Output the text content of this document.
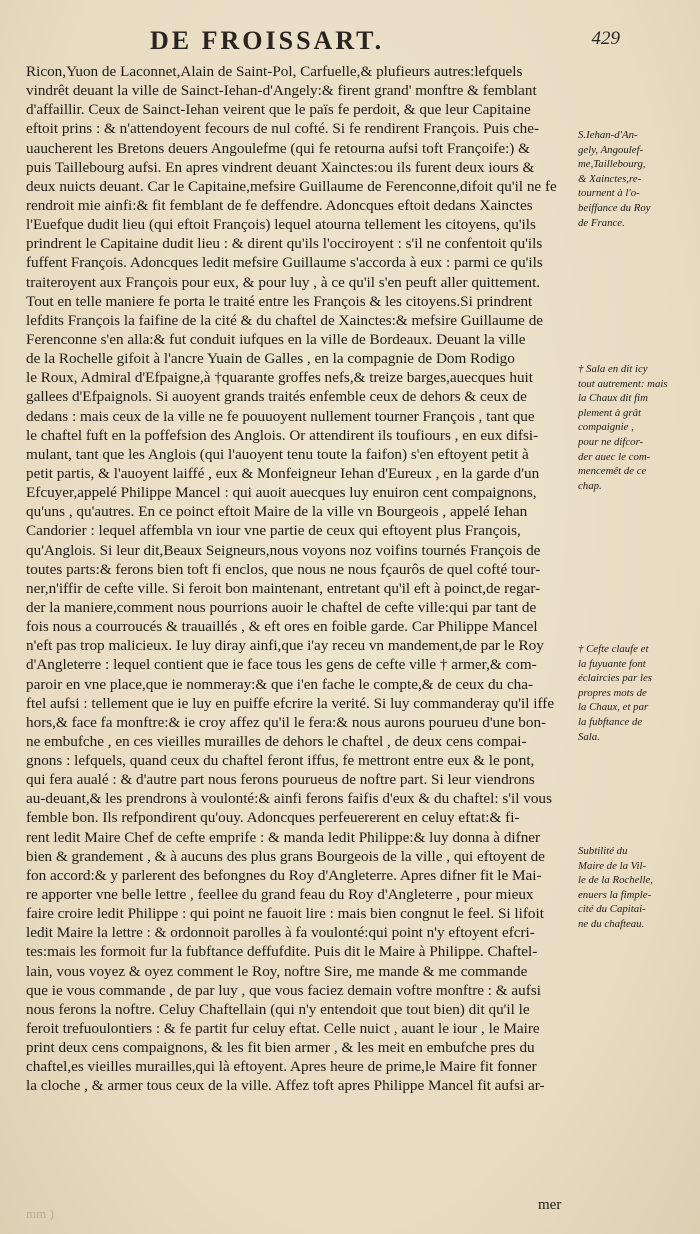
DE FROISSART.	429
Ricon,Yuon de Laconnet,Alain de Saint-Pol, Carfuelle,& plufieurs autres:lefquels
vindrêt deuant la ville de Sainct-Iehan-d'Angely:& firent grand' monftre & femblant
d'affaillir. Ceux de Sainct-Iehan veirent que le païs fe perdoit, & que leur Capitaine
eftoit prins : & n'attendoyent fecours de nul cofté. Si fe rendirent François. Puis che-
uaucherent les Bretons deuers Angoulefme (qui fe retourna aufsi toft Françoife:) &
puis Taillebourg aufsi. En apres vindrent deuant Xainctes:ou ils furent deux iours &
deux nuicts deuant. Car le Capitaine,mefsire Guillaume de Ferenconne,difoit qu'il ne fe
rendroit mie ainfi:& fit femblant de fe deffendre. Adoncques eftoit dedans Xainctes
l'Euefque dudit lieu (qui eftoit François) lequel atourna tellement les citoyens, qu'ils
prindrent le Capitaine dudit lieu : & dirent qu'ils l'occiroyent : s'il ne confentoit qu'ils
fuffent François. Adoncques ledit mefsire Guillaume s'accorda à eux : parmi ce qu'ils
traiteroyent aux François pour eux, & pour luy , à ce qu'il s'en peuft aller quittement.
Tout en telle maniere fe porta le traité entre les François & les citoyens.Si prindrent
lefdits François la faifine de la cité & du chaftel de Xainctes:& mefsire Guillaume de
Ferenconne s'en alla:& fut conduit iufques en la ville de Bordeaux. Deuant la ville
de la Rochelle gifoit à l'ancre Yuain de Galles , en la compagnie de Dom Rodigo
le Roux, Admiral d'Efpaigne,à †quarante groffes nefs,& treize barges,auecques huit
gallees d'Efpaignols. Si auoyent grands traités enfemble ceux de dehors & ceux de
dedans : mais ceux de la ville ne fe pouuoyent nullement tourner François , tant que
le chaftel fuft en la poffefsion des Anglois. Or attendirent ils toufiours , en eux difsi-
mulant, tant que les Anglois (qui l'auoyent tenu toute la faifon) s'en eftoyent petit à
petit partis, & l'auoyent laiffé , eux & Monfeigneur Iehan d'Eureux , en la garde d'un
Efcuyer,appelé Philippe Mancel : qui auoit auecques luy enuiron cent compaignons,
qu'uns , qu'autres. En ce poinct eftoit Maire de la ville vn Bourgeois , appelé Iehan
Candorier : lequel affembla vn iour vne partie de ceux qui eftoyent plus François,
qu'Anglois. Si leur dit,Beaux Seigneurs,nous voyons noz voifins tournés François de
toutes parts:& ferons bien toft fi enclos, que nous ne nous fçaurôs de quel cofté tour-
ner,n'iffir de cefte ville. Si feroit bon maintenant, entretant qu'il eft à poinct,de regar-
der la maniere,comment nous pourrions auoir le chaftel de cefte ville:qui par tant de
fois nous a courroucés & trauaillés , & eft ores en foible garde. Car Philippe Mancel
n'eft pas trop malicieux. Ie luy diray ainfi,que i'ay receu vn mandement,de par le Roy
d'Angleterre : lequel contient que ie face tous les gens de cefte ville † armer,& com-
paroir en vne place,que ie nommeray:& que i'en fache le compte,& de ceux du cha-
ftel aufsi : tellement que ie luy en puiffe efcrire la verité. Si luy commanderay qu'il iffe
hors,& face fa monftre:& ie croy affez qu'il le fera:& nous aurons pourueu d'une bon-
ne embufche , en ces vieilles murailles de dehors le chaftel , de deux cens compai-
gnons : lefquels, quand ceux du chaftel feront iffus, fe mettront entre eux & le pont,
qui fera aualé : & d'autre part nous ferons pourueus de noftre part. Si leur viendrons
au-deuant,& les prendrons à voulonté:& ainfi ferons faifis d'eux & du chaftel: s'il vous
femble bon. Ils refpondirent qu'ouy. Adoncques perfeuererent en celuy eftat:& fi-
rent ledit Maire Chef de cefte emprife : & manda ledit Philippe:& luy donna à difner
bien & grandement , & à aucuns des plus grans Bourgeois de la ville , qui eftoyent de
fon accord:& y parlerent des befongnes du Roy d'Angleterre. Apres difner fit le Mai-
re apporter vne belle lettre , feellee du grand feau du Roy d'Angleterre , pour mieux
faire croire ledit Philippe : qui point ne fauoit lire : mais bien congnut le feel. Si lifoit
ledit Maire la lettre : & ordonnoit parolles à fa voulonté:qui point n'y eftoyent efcri-
tes:mais les formoit fur la fubftance deffufdite. Puis dit le Maire à Philippe. Chaftel-
lain, vous voyez & oyez comment le Roy, noftre Sire, me mande & me commande
que ie vous commande , de par luy , que vous faciez demain voftre monftre : & aufsi
nous ferons la noftre. Celuy Chaftellain (qui n'y entendoit que tout bien) dit qu'il le
feroit trefuoulontiers : & fe partit fur celuy eftat. Celle nuict , auant le iour , le Maire
print deux cens compaignons, & les fit bien armer , & les meit en embufche pres du
chaftel,es vieilles murailles,qui là eftoyent. Apres heure de prime,le Maire fit fonner
la cloche , & armer tous ceux de la ville. Affez toft apres Philippe Mancel fit aufsi ar-
S.Iehan-d'An-
gely, Angoulef-
me,Taillebourg,
& Xainctes,re-
tournent à l'o-
beiffance du Roy
de France.
† Sala en dit icy
tout autrement: mais
la Chaux dit fim
plement à grât
compaignie ,
pour ne difcor-
der auec le com-
mencemêt de ce
chap.
† Cefte claufe et
la fuyuante font
éclaircies par les
propres mots de
la Chaux, et par
la fubftance de
Sala.
Subtilité du
Maire de la Vil-
le de la Rochelle,
enuers la fimple-
cité du Capitai-
ne du chafteau.
mer
mm )
